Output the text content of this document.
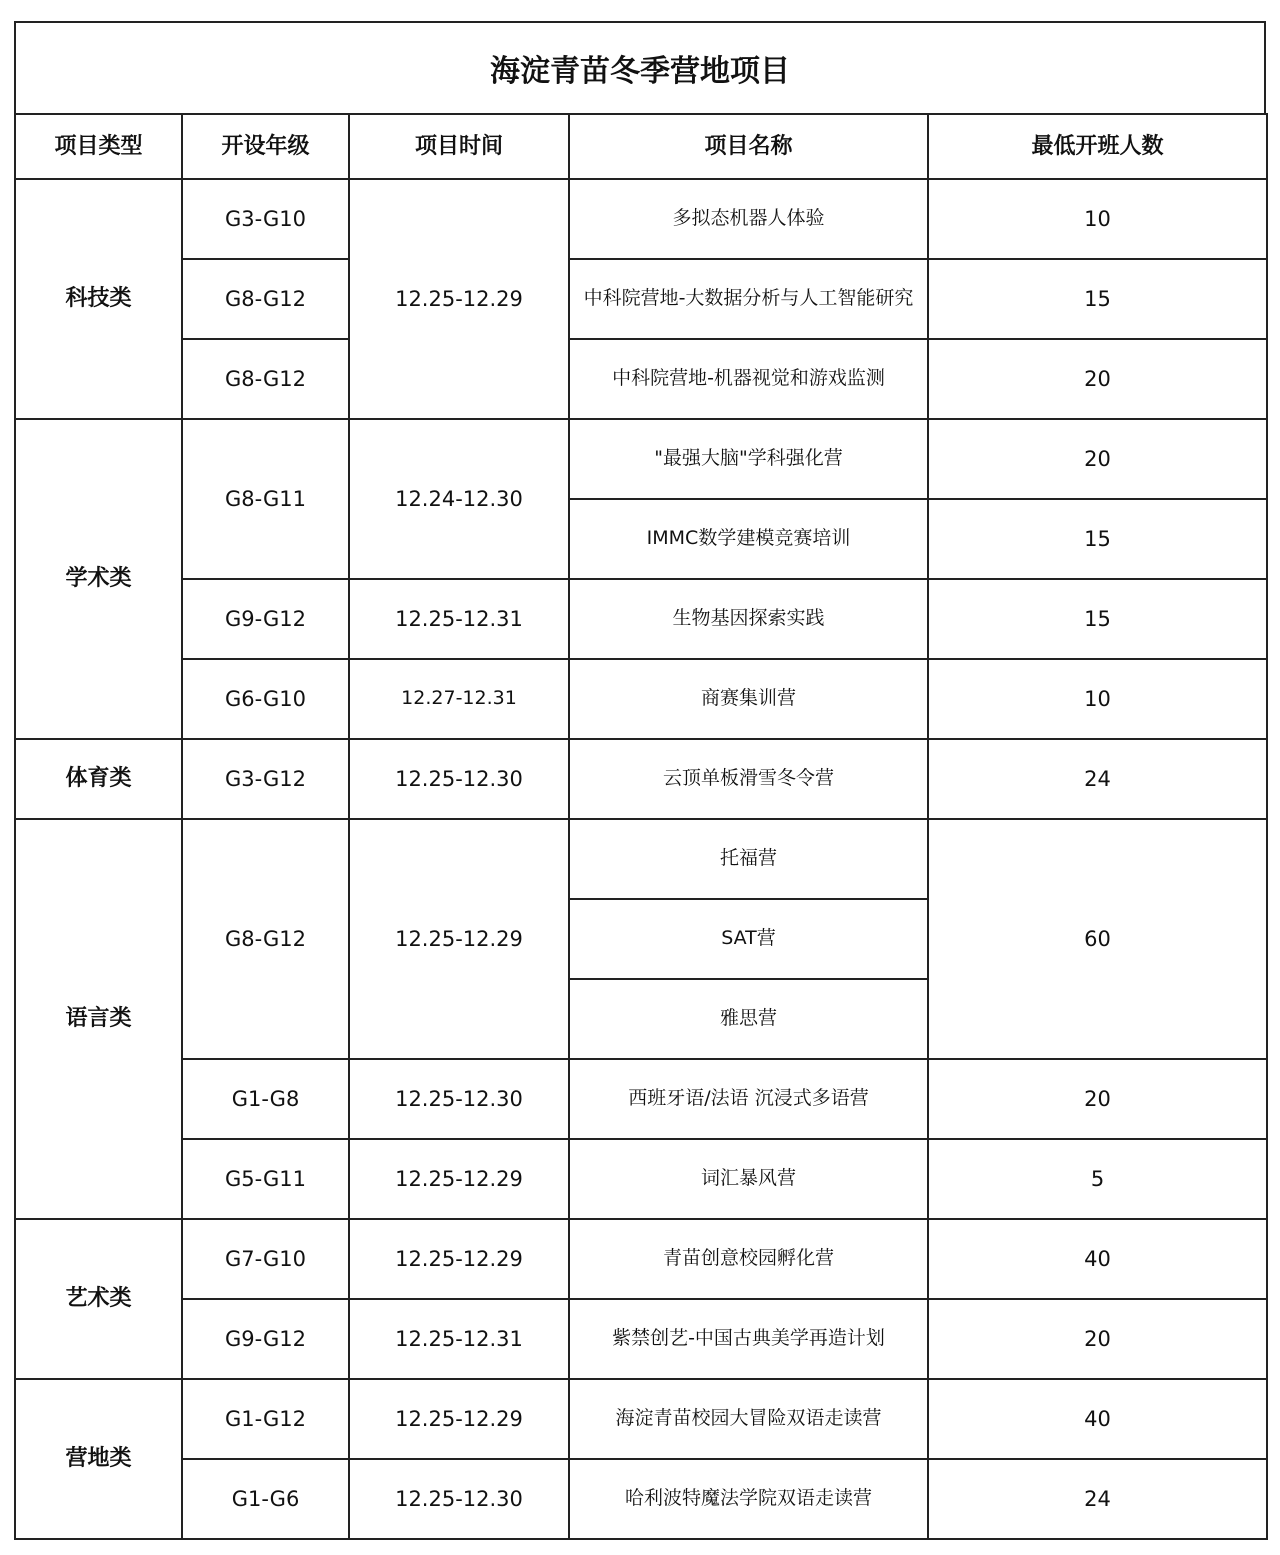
海淀青苗冬季营地项目
项目类型	开设年级	项目时间	项目名称	最低开班人数
科技类	G3-G10	12.25-12.29	多拟态机器人体验	10
	G8-G12		中科院营地-大数据分析与人工智能研究	15
	G8-G12		中科院营地-机器视觉和游戏监测	20
学术类	G8-G11	12.24-12.30	"最强大脑"学科强化营	20
			IMMC数学建模竞赛培训	15
	G9-G12	12.25-12.31	生物基因探索实践	15
	G6-G10	12.27-12.31	商赛集训营	10
体育类	G3-G12	12.25-12.30	云顶单板滑雪冬令营	24
语言类	G8-G12	12.25-12.29	托福营	60
			SAT营	
			雅思营	
	G1-G8	12.25-12.30	西班牙语/法语 沉浸式多语营	20
	G5-G11	12.25-12.29	词汇暴风营	5
艺术类	G7-G10	12.25-12.29	青苗创意校园孵化营	40
	G9-G12	12.25-12.31	紫禁创艺-中国古典美学再造计划	20
营地类	G1-G12	12.25-12.29	海淀青苗校园大冒险双语走读营	40
	G1-G6	12.25-12.30	哈利波特魔法学院双语走读营	24
